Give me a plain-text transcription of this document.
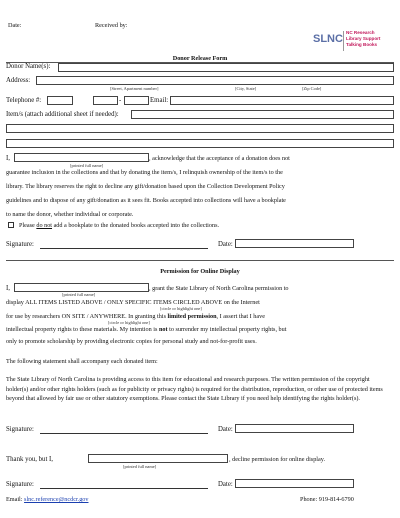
Date:	Received by:
SLNC
NC Research
Library Support
Talking Books
Donor Release Form
Donor Name(s):
Address:
[Street, Apartment number]	[City, State]	[Zip Code]
Telephone #:	-	Email:
Item/s (attach additional sheet if needed):
I,
[printed full name]
, acknowledge that the acceptance of a donation does not
guarantee inclusion in the collections and that by donating the item/s, I relinquish ownership of the item/s to the
library. The library reserves the right to decline any gift/donation based upon the Collection Development Policy
guidelines and to dispose of any gift/donation as it sees fit. Books accepted into collections will have a bookplate
to name the donor, whether individual or corporate.
Please do not add a bookplate to the donated books accepted into the collections.
Signature:	Date:
Permission for Online Display
I,	, grant the State Library of North Carolina permission to
[printed full name]
display ALL ITEMS LISTED ABOVE / ONLY SPECIFIC ITEMS CIRCLED ABOVE on the Internet
[circle or highlight one]
for use by researchers ON SITE / ANYWHERE. In granting this limited permission, I assert that I have
[circle or highlight one]
intellectual property rights to these materials. My intention is not to surrender my intellectual property rights, but
only to promote scholarship by providing electronic copies for personal study and not-for-profit uses.
The following statement shall accompany each donated item:
The State Library of North Carolina is providing access to this item for educational and research purposes. The written permission of the copyright holder(s) and/or other rights holders (such as for publicity or privacy rights) is required for the distribution, reproduction, or other use of protected items beyond that allowed by fair use or other statutory exemptions. Please contact the State Library if you need help identifying the rights holder(s).
Signature:	Date:
Thank you, but I,	, decline permission for online display.
[printed full name]
Signature:	Date:
Email: slnc.reference@ncdcr.gov	Phone: 919-814-6790
